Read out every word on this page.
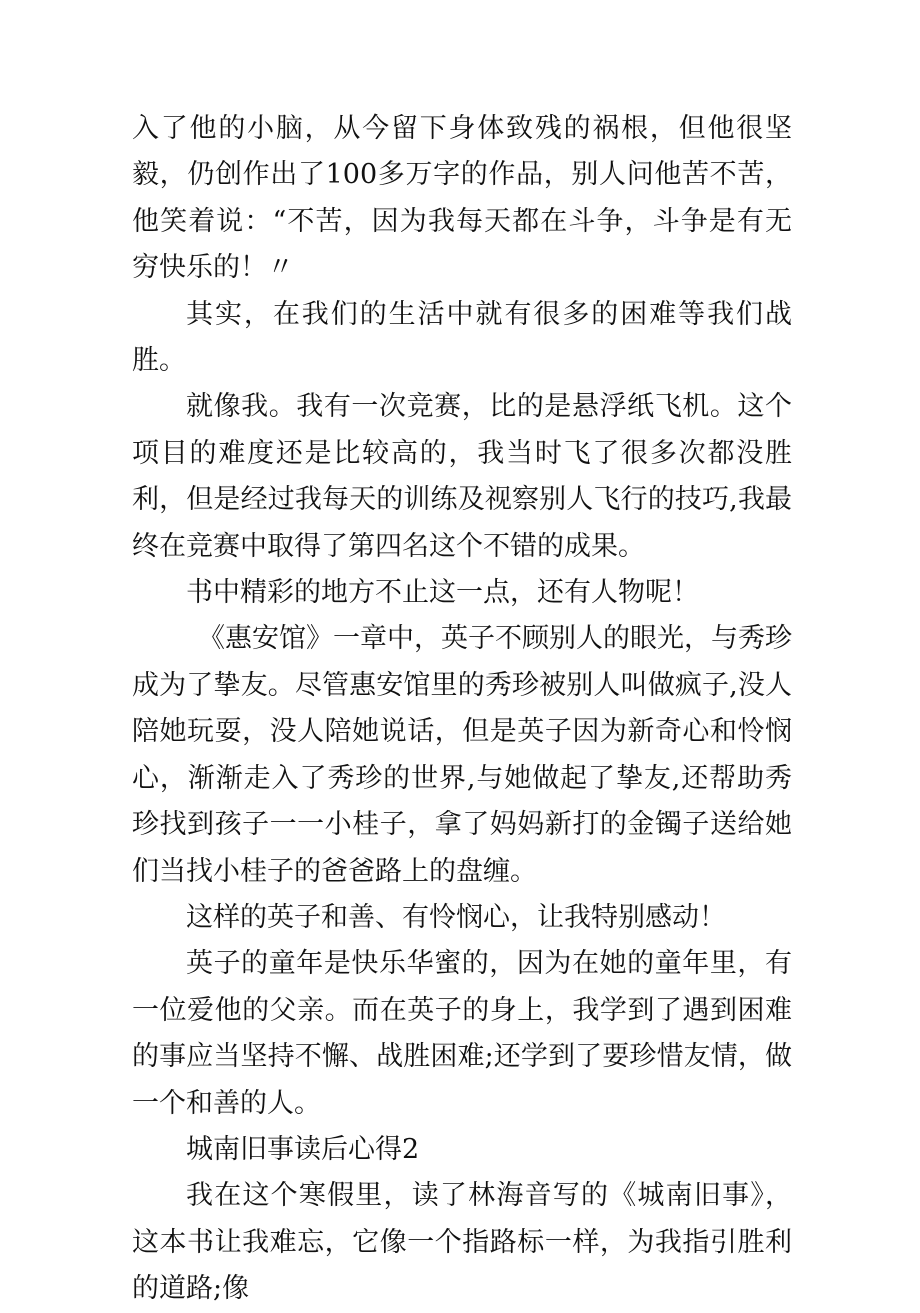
入了他的小脑，从今留下身体致残的祸根，但他很坚毅，仍创作出了100多万字的作品，别人问他苦不苦，他笑着说：“不苦，因为我每天都在斗争，斗争是有无穷快乐的！〃

其实，在我们的生活中就有很多的困难等我们战胜。

就像我。我有一次竞赛，比的是悬浮纸飞机。这个项目的难度还是比较高的，我当时飞了很多次都没胜利，但是经过我每天的训练及视察别人飞行的技巧,我最终在竞赛中取得了第四名这个不错的成果。

书中精彩的地方不止这一点，还有人物呢！

《惠安馆》一章中，英子不顾别人的眼光，与秀珍成为了挚友。尽管惠安馆里的秀珍被别人叫做疯子,没人陪她玩耍，没人陪她说话，但是英子因为新奇心和怜悯心，渐渐走入了秀珍的世界,与她做起了挚友,还帮助秀珍找到孩子一一小桂子，拿了妈妈新打的金镯子送给她们当找小桂子的爸爸路上的盘缠。

这样的英子和善、有怜悯心，让我特别感动！

英子的童年是快乐华蜜的，因为在她的童年里，有一位爱他的父亲。而在英子的身上，我学到了遇到困难的事应当坚持不懈、战胜困难;还学到了要珍惜友情，做一个和善的人。

城南旧事读后心得2

我在这个寒假里，读了林海音写的《城南旧事》，这本书让我难忘，它像一个指路标一样，为我指引胜利的道路;像
